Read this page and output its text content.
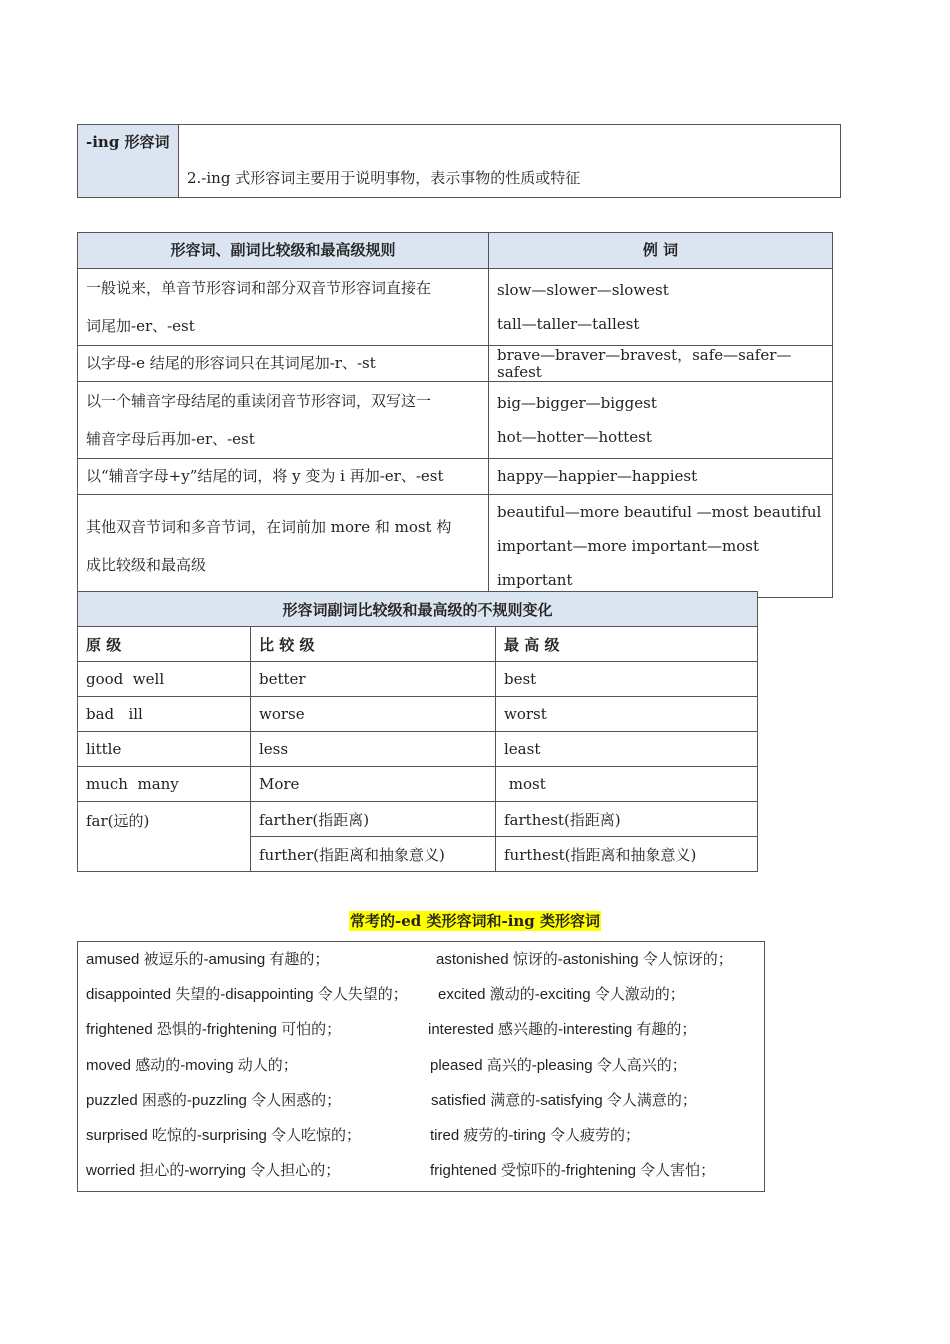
-ing 形容词	2.-ing 式形容词主要用于说明事物，表示事物的性质或特征
形容词、副词比较级和最高级规则	例 词

一般说来，单音节形容词和部分双音节形容词直接在
词尾加-er、-est	slow—slower—slowest
tall—taller—tallest

以字母-e 结尾的形容词只在其词尾加-r、-st	brave—braver—bravest，safe—safer—safest

以一个辅音字母结尾的重读闭音节形容词，双写这一
辅音字母后再加-er、-est	big—bigger—biggest
hot—hotter—hottest

以“辅音字母+y”结尾的词，将 y 变为 i 再加-er、-est	happy—happier—happiest

其他双音节词和多音节词，在词前加 more 和 most 构
成比较级和最高级	beautiful—more beautiful —most beautiful
important—more important—most important
形容词副词比较级和最高级的不规则变化		
原 级	比 较 级	最 高 级
good  well	better	best
bad   ill	worse	worst
little	less	least
much  many	More	most
far(远的)	farther(指距离)	farthest(指距离)
	further(指距离和抽象意义)	furthest(指距离和抽象意义)
常考的-ed 类形容词和-ing 类形容词
amused 被逗乐的-amusing 有趣的；	astonished 惊讶的-astonishing 令人惊讶的；
disappointed 失望的-disappointing 令人失望的； excited 激动的-exciting 令人激动的；
frightened 恐惧的-frightening 可怕的；	interested 感兴趣的-interesting 有趣的；
moved 感动的-moving 动人的；	pleased 高兴的-pleasing 令人高兴的；
puzzled 困惑的-puzzling 令人困惑的；	satisfied 满意的-satisfying 令人满意的；
surprised 吃惊的-surprising 令人吃惊的；	tired 疲劳的-tiring 令人疲劳的；
worried 担心的-worrying 令人担心的；	frightened 受惊吓的-frightening 令人害怕；
